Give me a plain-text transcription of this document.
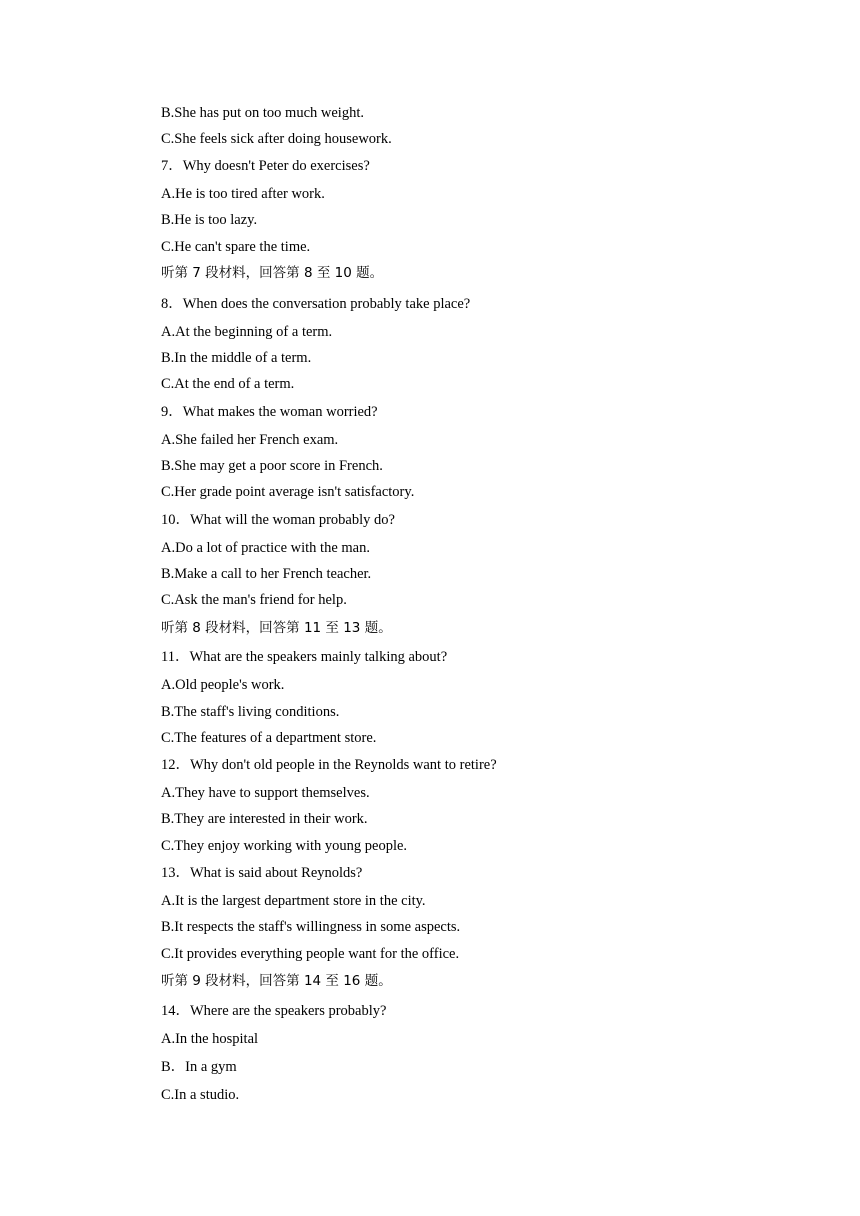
B.She has put on too much weight.
C.She feels sick after doing housework.
7．Why doesn't Peter do exercises?
A.He is too tired after work.
B.He is too lazy.
C.He can't spare the time.
听第 7 段材料，回答第 8 至 10 题。
8．When does the conversation probably take place?
A.At the beginning of a term.
B.In the middle of a term.
C.At the end of a term.
9．What makes the woman worried?
A.She failed her French exam.
B.She may get a poor score in French.
C.Her grade point average isn't satisfactory.
10．What will the woman probably do?
A.Do a lot of practice with the man.
B.Make a call to her French teacher.
C.Ask the man's friend for help.
听第 8 段材料，回答第 11 至 13 题。
11．What are the speakers mainly talking about?
A.Old people's work.
B.The staff's living conditions.
C.The features of a department store.
12．Why don't old people in the Reynolds want to retire?
A.They have to support themselves.
B.They are interested in their work.
C.They enjoy working with young people.
13．What is said about Reynolds?
A.It is the largest department store in the city.
B.It respects the staff's willingness in some aspects.
C.It provides everything people want for the office.
听第 9 段材料，回答第 14 至 16 题。
14．Where are the speakers probably?
A.In the hospital
B．In a gym
C.In a studio.
